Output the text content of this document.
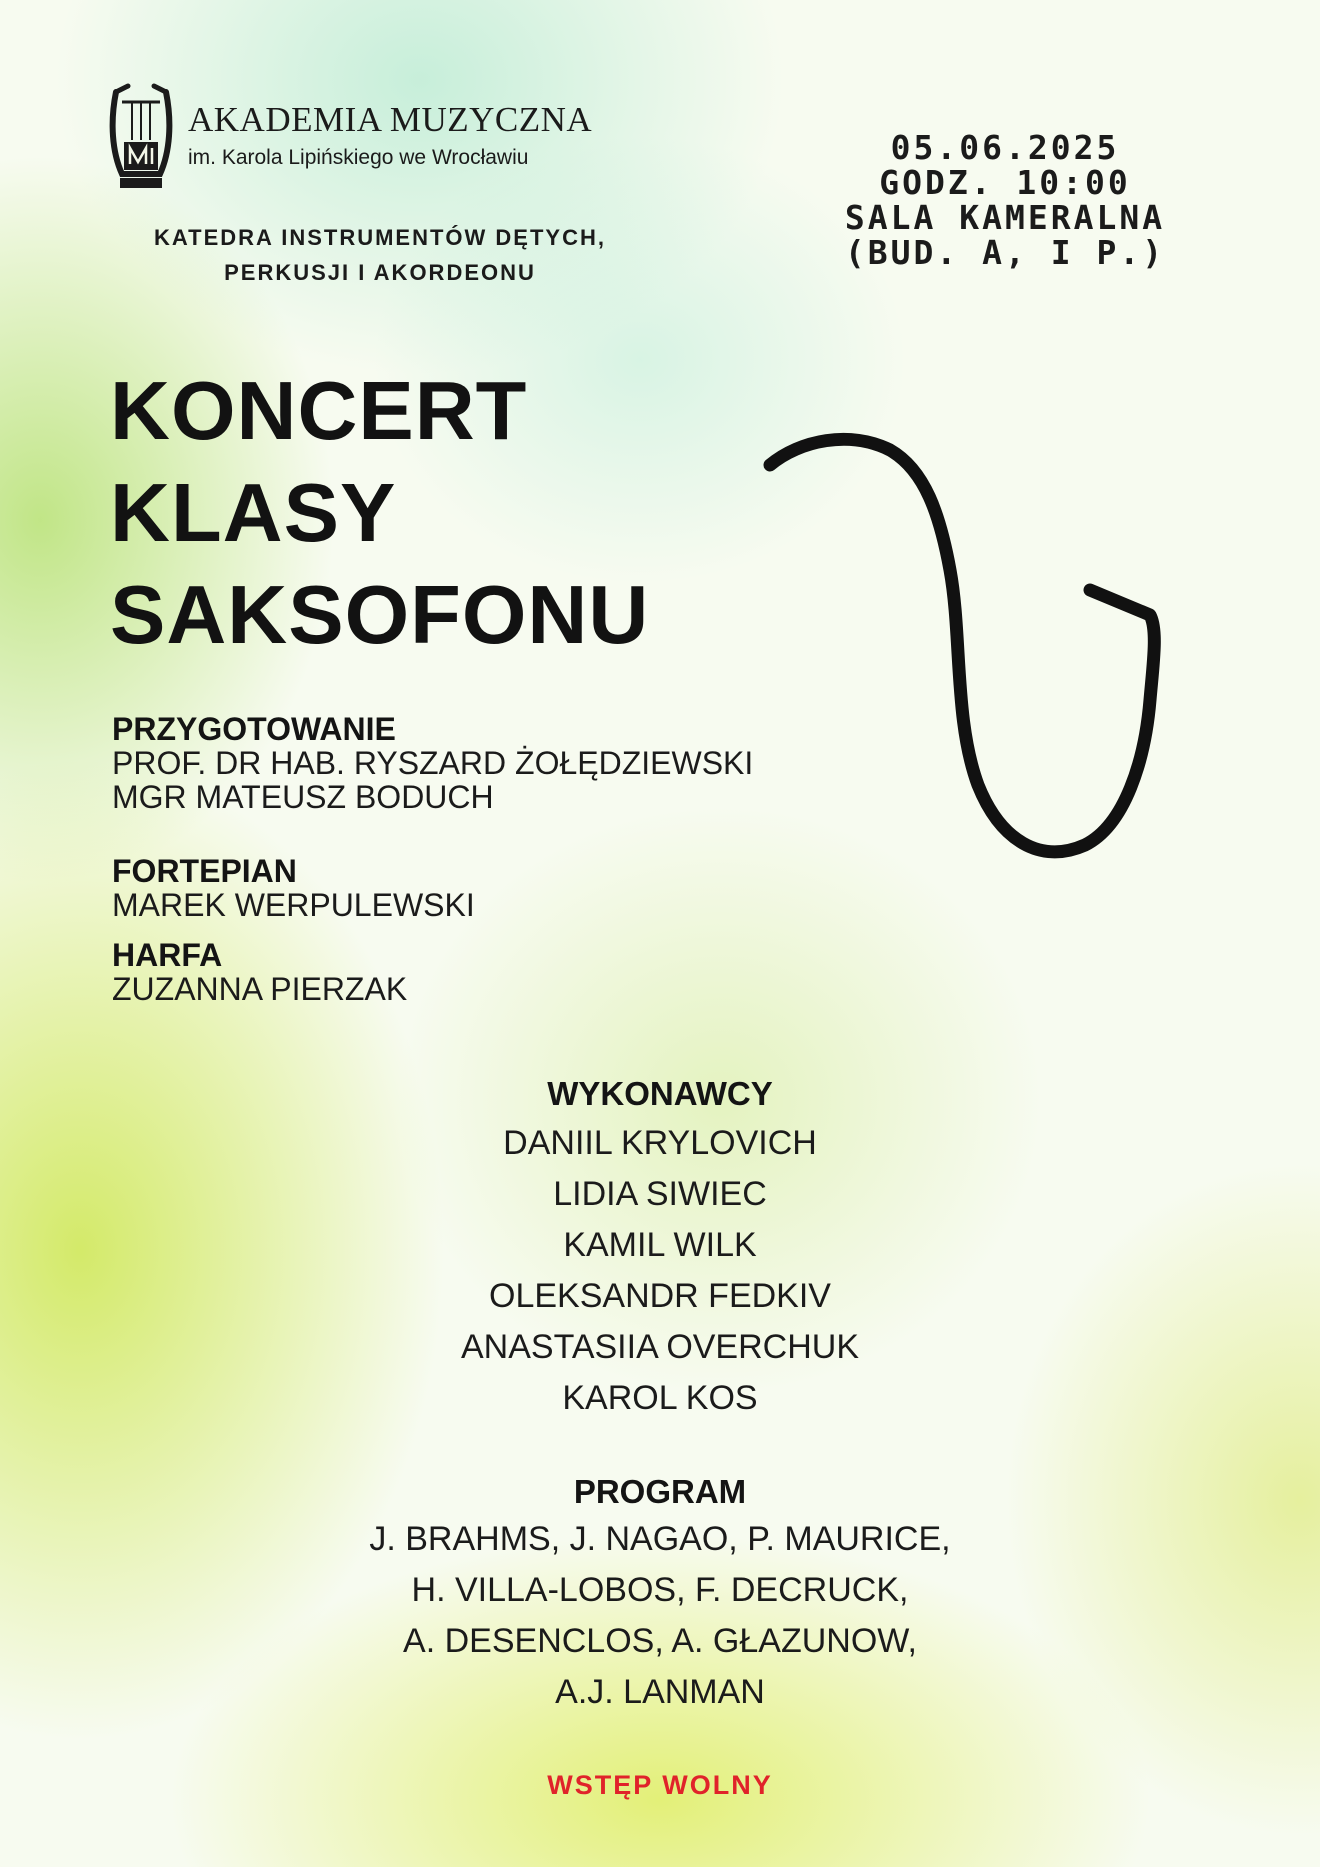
AKADEMIA MUZYCZNA
im. Karola Lipińskiego we Wrocławiu
KATEDRA INSTRUMENTÓW DĘTYCH,
PERKUSJI I AKORDEONU
05.06.2025
GODZ. 10:00
SALA KAMERALNA
(BUD. A, I P.)
KONCERT
KLASY
SAKSOFONU
PRZYGOTOWANIE
PROF. DR HAB. RYSZARD ŻOŁĘDZIEWSKI
MGR MATEUSZ BODUCH
FORTEPIAN
MAREK WERPULEWSKI
HARFA
ZUZANNA PIERZAK
WYKONAWCY
DANIIL KRYLOVICH
LIDIA SIWIEC
KAMIL WILK
OLEKSANDR FEDKIV
ANASTASIIA OVERCHUK
KAROL KOS
PROGRAM
J. BRAHMS, J. NAGAO, P. MAURICE,
H. VILLA-LOBOS, F. DECRUCK,
A. DESENCLOS, A. GŁAZUNOW,
A.J. LANMAN
WSTĘP WOLNY
